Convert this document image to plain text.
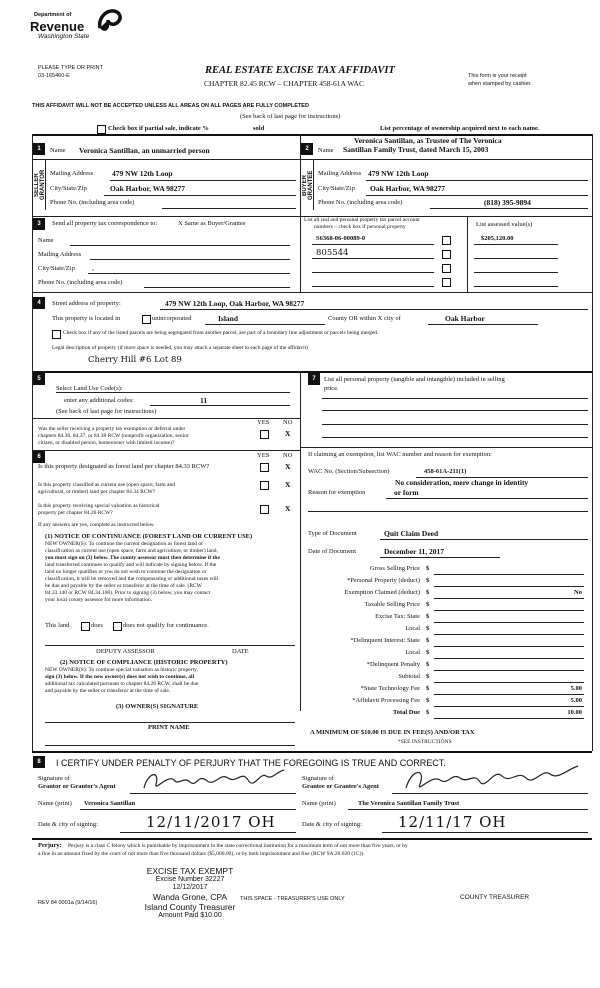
Department of
Revenue
Washington State
PLEASE TYPE OR PRINT
03-165460-E	REAL ESTATE EXCISE TAX AFFIDAVIT
CHAPTER 82.45 RCW – CHAPTER 458-61A WAC
This form is your receipt
when stamped by cashier.
THIS AFFIDAVIT WILL NOT BE ACCEPTED UNLESS ALL AREAS ON ALL PAGES ARE FULLY COMPLETED
(See back of last page for instructions)
Check box if partial sale, indicate %	sold	List percentage of ownership acquired next to each name.
1	Name Veronica Santillan, an unmarried person
SELLER GRANTOR Mailing Address	479 NW 12th Loop
City/State/Zip	Oak Harbor, WA 98277
Phone No. (including area code)
2
Veronica Santillan, as Trustee of The Veronica
Name Santillan Family Trust, dated March 15, 2003
BUYER GRANTEE Mailing Address 479 NW 12th Loop
City/State/Zip Oak Harbor, WA 98277
Phone No. (including area code)	(818) 395-9894
3	Send all property tax correspondence to:	X Same as Buyer/Grantee
Name
Mailing Address
City/State/Zip ,
Phone No. (including area code)
List all real and personal property tax parcel account
numbers – check box if personal property	List assessed value(s)
S6368-06-00089-0	$205,120.00
805544
4	Street address of property:	479 NW 12th Loop, Oak Harbor, WA 98277
This property is located in	unincorporated	Island	County OR within X city of	Oak Harbor
Check box if any of the listed parcels are being segregated from another parcel, are part of a boundary line adjustment or parcels being merged.
Legal description of property (if more space is needed, you may attach a separate sheet to each page of the affidavit)
Cherry Hill #6 Lot 89
5
Select Land Use Code(s):
enter any additional codes:	11
(See back of last page for instructions)
YES NO
Was the seller receiving a property tax exemption or deferral under
chapters 84.36, 84.37, or 84.38 RCW (nonprofit organization, senior
citizen, or disabled person, homeowner with limited income)?
X
6	YES NO
Is this property designated as forest land per chapter 84.33 RCW?	X
Is this property classified as current use (open space, farm and
agricultural, or timber) land per chapter 84.34 RCW?
X
Is this property receiving special valuation as historical
property per chapter 84.26 RCW?	X
If any answers are yes, complete as instructed below.
(1) NOTICE OF CONTINUANCE (FOREST LAND OR CURRENT USE)
NEW OWNER(S): To continue the current designation as forest land or
classification as current use (open space, farm and agriculture, or timber) land,
you must sign on (3) below. The county assessor must then determine if the
land transferred continues to qualify and will indicate by signing below. If the
land no longer qualifies or you do not wish to continue the designation or
classification, it will be removed and the compensating or additional taxes will
be due and payable by the seller or transferor at the time of sale. (RCW
84.33.140 or RCW 84.34.108). Prior to signing (3) below, you may contact
your local county assessor for more information.
This land	does	does not qualify for continuance.
DEPUTY ASSESSOR	DATE
(2) NOTICE OF COMPLIANCE (HISTORIC PROPERTY)
NEW OWNER(S): To continue special valuation as historic property,
sign (3) below. If the new owner(s) does not wish to continue, all
additional tax calculated pursuant to chapter 84.26 RCW, shall be due
and payable by the seller or transferor at the time of sale.
(3) OWNER(S) SIGNATURE
PRINT NAME
7	List all personal property (tangible and intangible) included in selling
price.
If claiming an exemption, list WAC number and reason for exemption:
WAC No. (Section/Subsection)	458-61A-211(1)
No consideration, mere change in identity
Reason for exemption	or form
Type of Document	Quit Claim Deed
Date of Document	December 11, 2017
Gross Selling Price $
*Personal Property (deduct) $
Exemption Claimed (deduct) $	No
Taxable Selling Price $
Excise Tax: State $
Local $
*Delinquent Interest: State $
Local $
*Delinquent Penalty $
Subtotal $
*State Technology Fee $	5.00
*Affidavit Processing Fee $	5.00
Total Due $	10.00
A MINIMUM OF $10.00 IS DUE IN FEE(S) AND/OR TAX
*SEE INSTRUCTIONS
8	I CERTIFY UNDER PENALTY OF PERJURY THAT THE FOREGOING IS TRUE AND CORRECT.
Signature of
Grantor or Grantor's Agent
Signature of
Grantee or Grantee's Agent
Name (print) Veronica Santillan	Name (print)	The Veronica Santillan Family Trust
Date & city of signing:	12/11/2017 OH	Date & city of signing: 12/11/17 OH
Perjury: Perjury is a class C felony which is punishable by imprisonment in the state correctional institution for a maximum term of not more than five years, or by
a fine in an amount fixed by the court of not more than five thousand dollars ($5,000.00), or by both imprisonment and fine (RCW 9A.20.020 (1C)).
EXCISE TAX EXEMPT
Excise Number 32227
12/12/2017
Wanda Grone, CPA
Island County Treasurer
Amount Paid $10.00
REV 84 0001a (9/14/16)
THIS SPACE - TREASURER'S USE ONLY	COUNTY TREASURER
